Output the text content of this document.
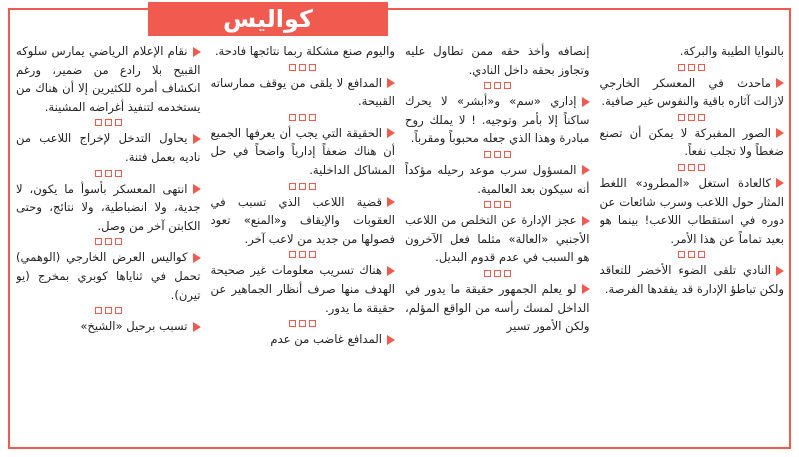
كواليس

نقام الإعلام الرياضي يمارس سلوكه القبيح بلا رادع من ضمير، ورغم انكشاف أمره للكثيرين إلا أن هناك من يستخدمه لتنفيذ أغراضه المشينة.

يحاول التدخل لإخراج اللاعب من ناديه بعمل فتنة.

انتهى المعسكر بأسوأ ما يكون، لا جدية، ولا انضباطية، ولا نتائج، وحتى الكابتن آخر من وصل.

كواليس العرض الخارجي (الوهمي) تحمل في ثناياها كوبري بمخرج (يو تيرن).

تسبب برحيل «الشيخ»

واليوم صنع مشكلة ربما نتائجها فادحة.

المدافع لا يلقى من يوقف ممارساته القبيحة.

الحقيقة التي يجب أن يعرفها الجميع أن هناك ضعفاً إدارياً واضحاً في حل المشاكل الداخلية.

قضية اللاعب الذي تسبب في العقوبات والإيقاف و«المنع» تعود فصولها من جديد من لاعب آخر.

هناك تسريب معلومات غير صحيحة الهدف منها صرف أنظار الجماهير عن حقيقة ما يدور.

المدافع غاضب من عدم

إنصافه وأخذ حقه ممن تطاول عليه وتجاوز بحقه داخل النادي.

إداري «سم» و«أبشر» لا يحرك ساكناً إلا بأمر وتوجيه. ! لا يملك روح مبادرة وهذا الذي جعله محبوباً ومقرباً.

المسؤول سرب موعد رحيله مؤكداً أنه سيكون بعد العالمية.

عجز الإدارة عن التخلص من اللاعب الأجنبي «العالة» مثلما فعل الآخرون هو السبب في عدم قدوم البديل.

لو يعلم الجمهور حقيقة ما يدور في الداخل لمسك رأسه من الواقع المؤلم، ولكن الأمور تسير

بالنوايا الطيبة والبركة.

ماحدث في المعسكر الخارجي لازالت آثاره باقية والنفوس غير صافية.

الصور المفبركة لا يمكن أن تصنع ضغطاً ولا تجلب نفعاً.

كالعادة استغل «المطرود» اللغط المثار حول اللاعب وسرب شائعات عن دوره في استقطاب اللاعب! بينما هو بعيد تماماً عن هذا الأمر.

النادي تلقى الضوء الأخضر للتعاقد ولكن تباطؤ الإدارة قد يفقدها الفرصة.
